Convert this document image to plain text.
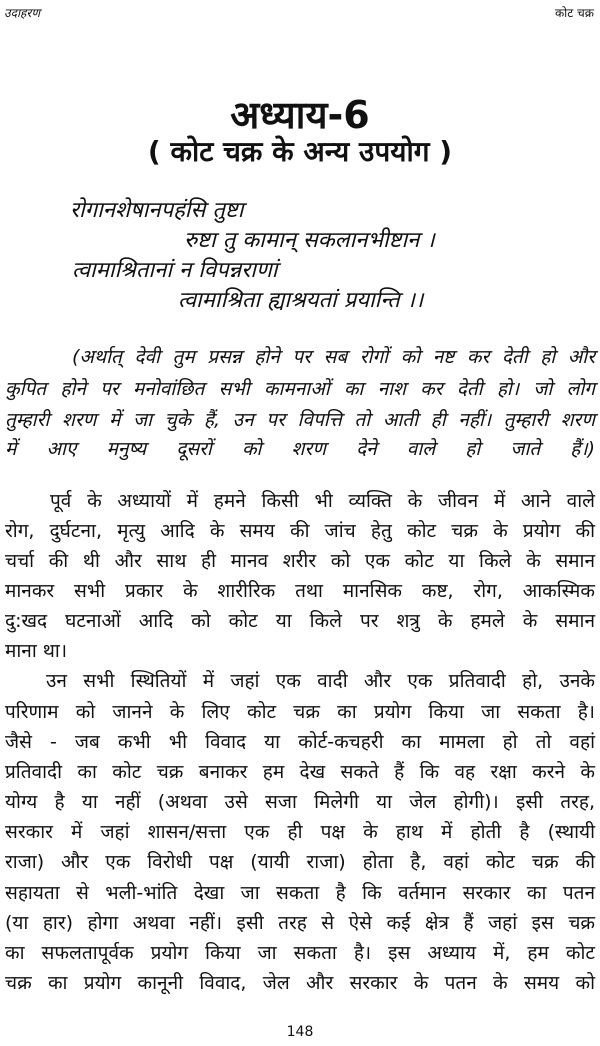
उदाहरण	कोट चक्र
अध्याय-6
( कोट चक्र के अन्य उपयोग )
रोगानशेषानपहंसि तुष्टा
रुष्टा तु कामान् सकलानभीष्टान ।
त्वामाश्रितानां न विपन्नराणां
त्वामाश्रिता ह्याश्रयतां प्रयान्ति ।।
(अर्थात् देवी तुम प्रसन्न होने पर सब रोगों को नष्ट कर देती हो और
कुपित होने पर मनोवांछित सभी कामनाओं का नाश कर देती हो। जो लोग
तुम्हारी शरण में जा चुके हैं, उन पर विपत्ति तो आती ही नहीं। तुम्हारी शरण
में आए मनुष्य दूसरों को शरण देने वाले हो जाते हैं।)
पूर्व के अध्यायों में हमने किसी भी व्यक्ति के जीवन में आने वाले
रोग, दुर्घटना, मृत्यु आदि के समय की जांच हेतु कोट चक्र के प्रयोग की
चर्चा की थी और साथ ही मानव शरीर को एक कोट या किले के समान
मानकर सभी प्रकार के शारीरिक तथा मानसिक कष्ट, रोग, आकस्मिक
दु:खद घटनाओं आदि को कोट या किले पर शत्रु के हमले के समान
माना था।
उन सभी स्थितियों में जहां एक वादी और एक प्रतिवादी हो, उनके
परिणाम को जानने के लिए कोट चक्र का प्रयोग किया जा सकता है।
जैसे - जब कभी भी विवाद या कोर्ट-कचहरी का मामला हो तो वहां
प्रतिवादी का कोट चक्र बनाकर हम देख सकते हैं कि वह रक्षा करने के
योग्य है या नहीं (अथवा उसे सजा मिलेगी या जेल होगी)। इसी तरह,
सरकार में जहां शासन/सत्ता एक ही पक्ष के हाथ में होती है (स्थायी
राजा) और एक विरोधी पक्ष (यायी राजा) होता है, वहां कोट चक्र की
सहायता से भली-भांति देखा जा सकता है कि वर्तमान सरकार का पतन
(या हार) होगा अथवा नहीं। इसी तरह से ऐसे कई क्षेत्र हैं जहां इस चक्र
का सफलतापूर्वक प्रयोग किया जा सकता है। इस अध्याय में, हम कोट
चक्र का प्रयोग कानूनी विवाद, जेल और सरकार के पतन के समय को
148
